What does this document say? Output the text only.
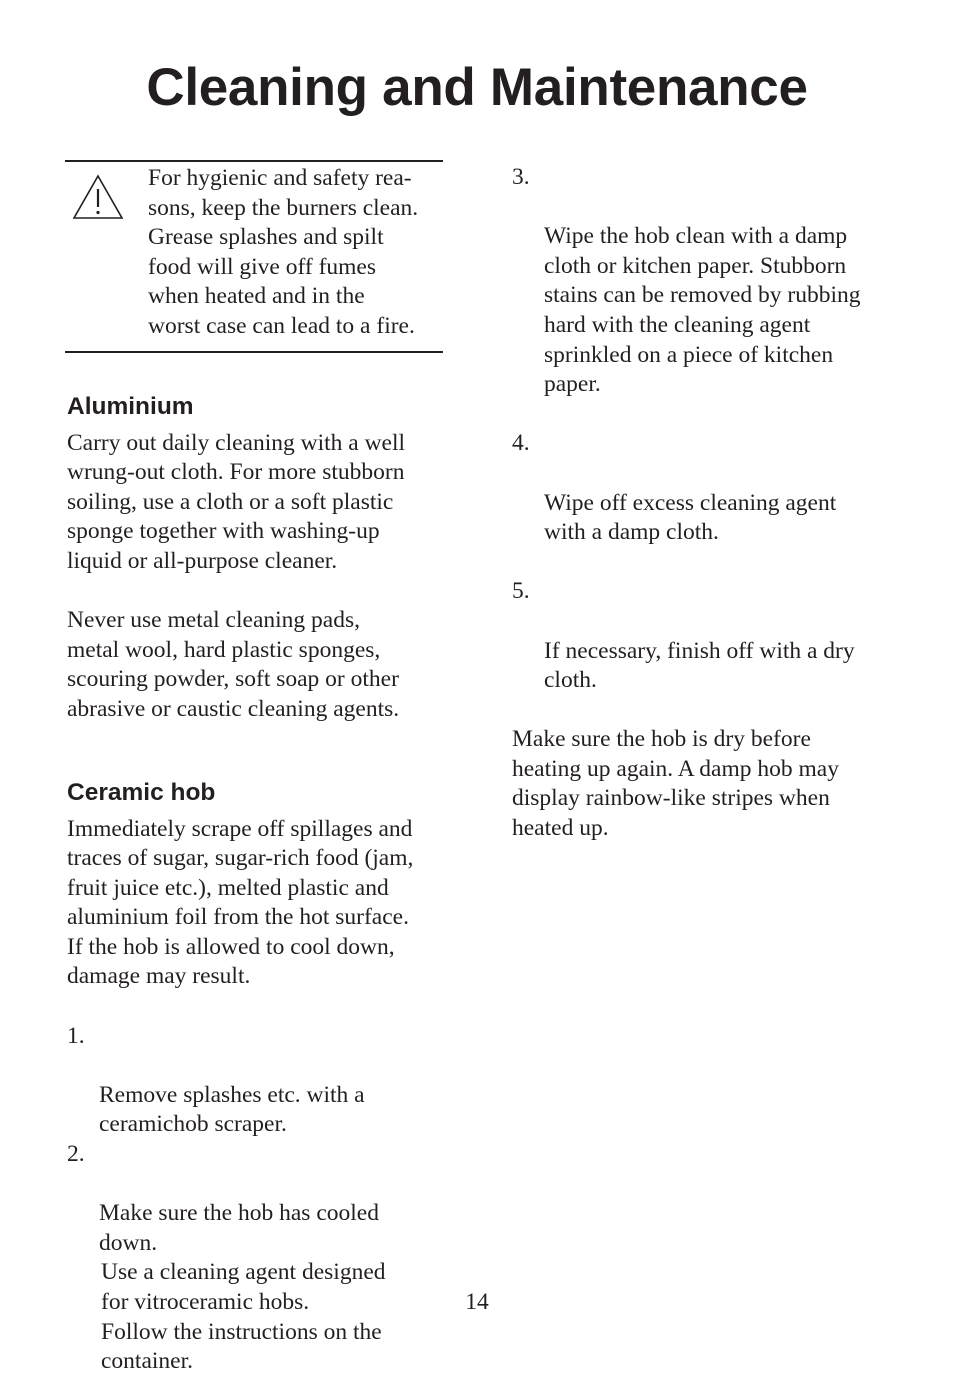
Cleaning and Maintenance

For hygienic and safety rea-
sons, keep the burners clean.
Grease splashes and spilt
food will give off fumes
when heated and in the
worst case can lead to a fire.

Aluminium

Carry out daily cleaning with a well
wrung-out cloth. For more stubborn
soiling, use a cloth or a soft plastic
sponge together with washing-up
liquid or all-purpose cleaner.

Never use metal cleaning pads,
metal wool, hard plastic sponges,
scouring powder, soft soap or other
abrasive or caustic cleaning agents.

Ceramic hob

Immediately scrape off spillages and
traces of sugar, sugar-rich food (jam,
fruit juice etc.), melted plastic and
aluminium foil from the hot surface.
If the hob is allowed to cool down,
damage may result.

1.

Remove splashes etc. with a
ceramichob scraper.

2.

Make sure the hob has cooled
down.

Use a cleaning agent designed
for vitroceramic hobs.

Follow the instructions on the
container.

3.

Wipe the hob clean with a damp
cloth or kitchen paper. Stubborn
stains can be removed by rubbing
hard with the cleaning agent
sprinkled on a piece of kitchen
paper.

4.

Wipe off excess cleaning agent
with a damp cloth.

5.

If necessary, finish off with a dry
cloth.

Make sure the hob is dry before
heating up again. A damp hob may
display rainbow-like stripes when
heated up.

14
